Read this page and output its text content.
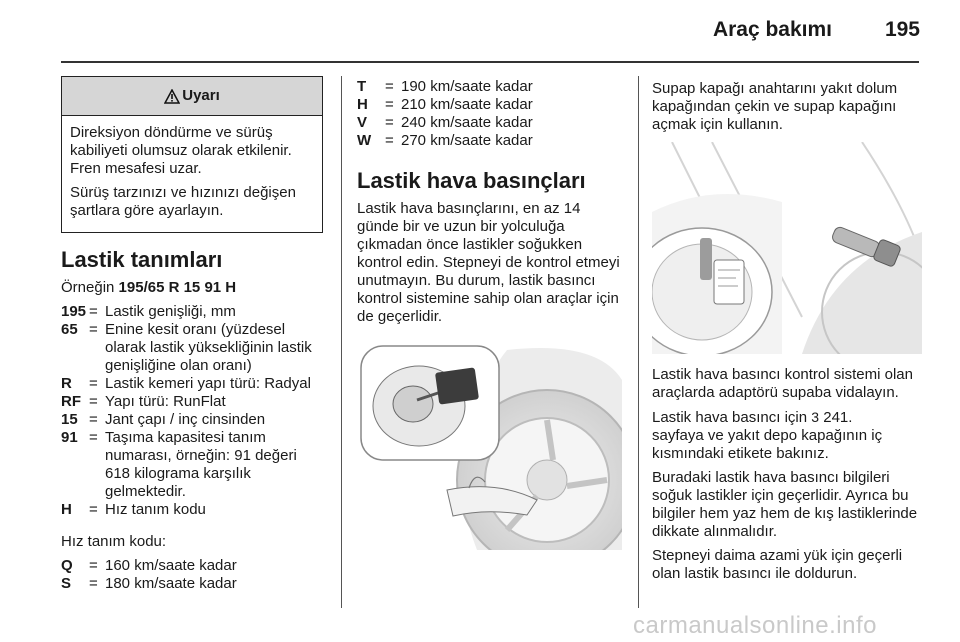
Araç bakımı	195
Uyarı

Direksiyon döndürme ve sürüş kabiliyeti olumsuz olarak etkilenir. Fren mesafesi uzar.

Sürüş tarzınızı ve hızınızı değişen şartlara göre ayarlayın.

Lastik tanımları

Örneğin 195/65 R 15 91 H

195 = Lastik genişliği, mm
65 = Enine kesit oranı (yüzdesel olarak lastik yüksekliğinin lastik genişliğine olan oranı)
R	= Lastik kemeri yapı türü: Radyal
RF = Yapı türü: RunFlat
15 = Jant çapı / inç cinsinden
91 = Taşıma kapasitesi tanım numarası, örneğin: 91 değeri 618 kilograma karşılık gelmektedir.
H	= Hız tanım kodu

Hız tanım kodu:

Q	= 160 km/saate kadar
S	= 180 km/saate kadar
T	= 190 km/saate kadar
H	= 210 km/saate kadar
V	= 240 km/saate kadar
W = 270 km/saate kadar
Lastik hava basınçları

Lastik hava basınçlarını, en az 14 günde bir ve uzun bir yolculuğa çıkmadan önce lastikler soğukken kontrol edin. Stepneyi de kontrol etmeyi unutmayın. Bu durum, lastik basıncı kontrol sistemine sahip olan araçlar için de geçerlidir.

Supap kapağı anahtarını yakıt dolum kapağından çekin ve supap kapağını açmak için kullanın.

Lastik hava basıncı kontrol sistemi olan araçlarda adaptörü supaba vidalayın.

Lastik hava basıncı için 3 241.
sayfaya ve yakıt depo kapağının iç kısmındaki etikete bakınız.

Buradaki lastik hava basıncı bilgileri soğuk lastikler için geçerlidir. Ayrıca bu bilgiler hem yaz hem de kış lastiklerinde dikkate alınmalıdır.

Stepneyi daima azami yük için geçerli olan lastik basıncı ile doldurun.

carmanualsonline.info
